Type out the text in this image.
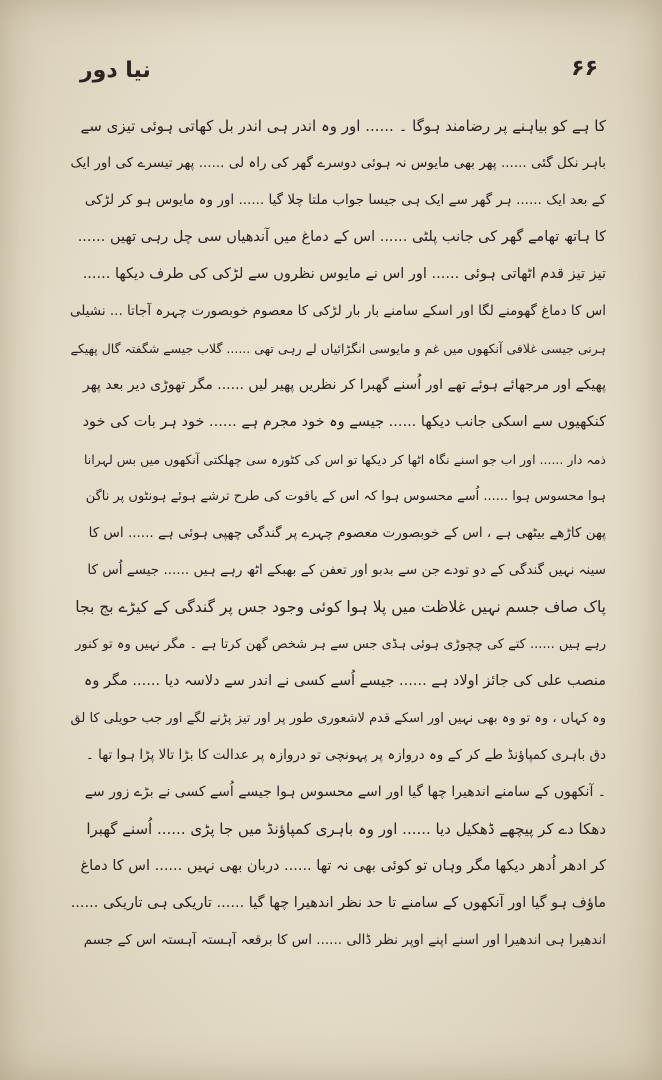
۶۶
نیا دور
کا ہے کو بیاہنے پر رضامند ہوگا ۔ ...... اور وہ اندر ہی اندر بل کھاتی ہوئی تیزی سے
باہر نکل گئی ...... پھر بھی مایوس نہ ہوئی دوسرے گھر کی راہ لی ...... پھر تیسرے کی اور ایک
کے بعد ایک ...... ہر گھر سے ایک ہی جیسا جواب ملتا چلا گیا ...... اور وہ مایوس ہو کر لڑکی
کا ہاتھ تھامے گھر کی جانب پلٹی ...... اس کے دماغ میں آندھیاں سی چل رہی تھیں ......
تیز تیز قدم اٹھاتی ہوئی ...... اور اس نے مایوس نظروں سے لڑکی کی طرف دیکھا ......
اس کا دماغ گھومنے لگا اور اسکے سامنے بار بار لڑکی کا معصوم خوبصورت چہرہ آجاتا ... نشیلی
ہرنی جیسی غلافی آنکھوں میں غم و مایوسی انگڑائیاں لے رہی تھی ...... گلاب جیسے شگفتہ گال پھیکے
پھیکے اور مرجھائے ہوئے تھے اور اُسنے گھبرا کر نظریں پھیر لیں ...... مگر تھوڑی دیر بعد پھر
کنکھیوں سے اسکی جانب دیکھا ...... جیسے وہ خود مجرم ہے ...... خود ہر بات کی خود
ذمہ دار ...... اور اب جو اسنے نگاہ اٹھا کر دیکھا تو اس کی کٹورہ سی چھلکتی آنکھوں میں بس لہرانا
ہوا محسوس ہوا ...... اُسے محسوس ہوا کہ اس کے یاقوت کی طرح ترشے ہوئے ہونٹوں پر ناگن
پھن کاڑھے بیٹھی ہے ، اس کے خوبصورت معصوم چہرے پر گندگی چھپی ہوئی ہے ...... اس کا
سینہ نہیں گندگی کے دو تودے جن سے بدبو اور تعفن کے بھبکے اٹھ رہے ہیں ...... جیسے اُس کا
پاک صاف جسم نہیں غلاظت میں پلا ہوا کوئی وجود جس پر گندگی کے کیڑے بج بجا
رہے ہیں ...... کتے کی چچوڑی ہوئی ہڈی جس سے ہر شخص گھن کرتا ہے ۔ مگر نہیں وہ تو کنور
منصب علی کی جائز اولاد ہے ...... جیسے اُسے کسی نے اندر سے دلاسہ دیا ...... مگر وہ
وہ کہاں ، وہ تو وہ بھی نہیں اور اسکے قدم لاشعوری طور پر اور تیز پڑنے لگے اور جب حویلی کا لق
دق باہری کمپاؤنڈ طے کر کے وہ دروازہ پر پہونچی تو دروازہ پر عدالت کا بڑا تالا پڑا ہوا تھا ۔
۔ آنکھوں کے سامنے اندھیرا چھا گیا اور اسے محسوس ہوا جیسے اُسے کسی نے بڑے زور سے
دھکا دے کر پیچھے ڈھکیل دیا ...... اور وہ باہری کمپاؤنڈ میں جا پڑی ...... اُسنے گھبرا
کر ادھر اُدھر دیکھا مگر وہاں تو کوئی بھی نہ تھا ...... دربان بھی نہیں ...... اس کا دماغ
ماؤف ہو گیا اور آنکھوں کے سامنے تا حد نظر اندھیرا چھا گیا ...... تاریکی ہی تاریکی ......
اندھیرا ہی اندھیرا اور اسنے اپنے اوپر نظر ڈالی ...... اس کا برقعہ آہستہ آہستہ اس کے جسم
